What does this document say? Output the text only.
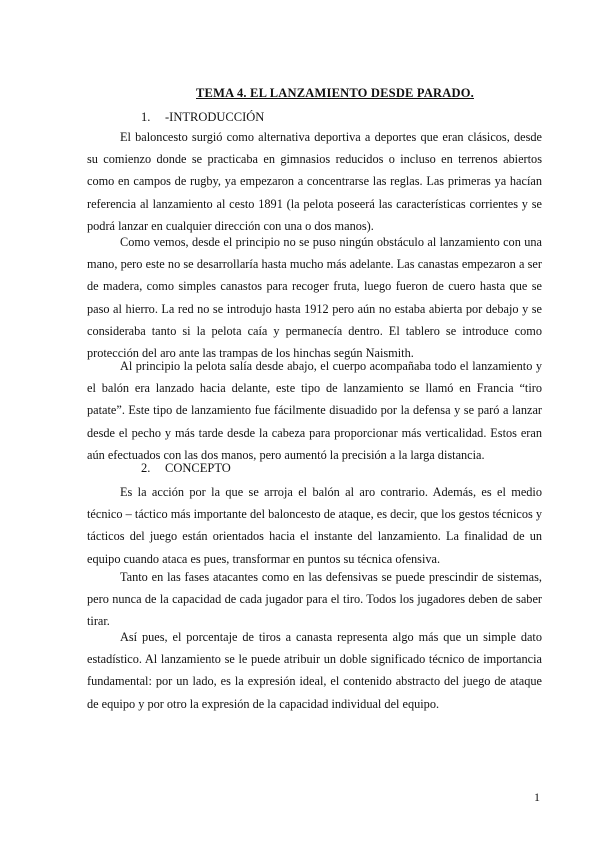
TEMA 4. EL LANZAMIENTO DESDE PARADO.
1. -INTRODUCCIÓN

El baloncesto surgió como alternativa deportiva a deportes que eran clásicos, desde su comienzo donde se practicaba en gimnasios reducidos o incluso en terrenos abiertos como en campos de rugby, ya empezaron a concentrarse las reglas. Las primeras ya hacían referencia al lanzamiento al cesto 1891 (la pelota poseerá las características corrientes y se podrá lanzar en cualquier dirección con una o dos manos).

Como vemos, desde el principio no se puso ningún obstáculo al lanzamiento con una mano, pero este no se desarrollaría hasta mucho más adelante. Las canastas empezaron a ser de madera, como simples canastos para recoger fruta, luego fueron de cuero hasta que se paso al hierro. La red no se introdujo hasta 1912 pero aún no estaba abierta por debajo y se consideraba tanto si la pelota caía y permanecía dentro. El tablero se introduce como protección del aro ante las trampas de los hinchas según Naismith.

Al principio la pelota salía desde abajo, el cuerpo acompañaba todo el lanzamiento y el balón era lanzado hacia delante, este tipo de lanzamiento se llamó en Francia “tiro patate”. Este tipo de lanzamiento fue fácilmente disuadido por la defensa y se paró a lanzar desde el pecho y más tarde desde la cabeza para proporcionar más verticalidad. Estos eran aún efectuados con las dos manos, pero aumentó la precisión a la larga distancia.

2. CONCEPTO

Es la acción por la que se arroja el balón al aro contrario. Además, es el medio técnico – táctico más importante del baloncesto de ataque, es decir, que los gestos técnicos y tácticos del juego están orientados hacia el instante del lanzamiento. La finalidad de un equipo cuando ataca es pues, transformar en puntos su técnica ofensiva.

Tanto en las fases atacantes como en las defensivas se puede prescindir de sistemas, pero nunca de la capacidad de cada jugador para el tiro. Todos los jugadores deben de saber tirar.

Así pues, el porcentaje de tiros a canasta representa algo más que un simple dato estadístico. Al lanzamiento se le puede atribuir un doble significado técnico de importancia fundamental: por un lado, es la expresión ideal, el contenido abstracto del juego de ataque de equipo y por otro la expresión de la capacidad individual del equipo.

1
